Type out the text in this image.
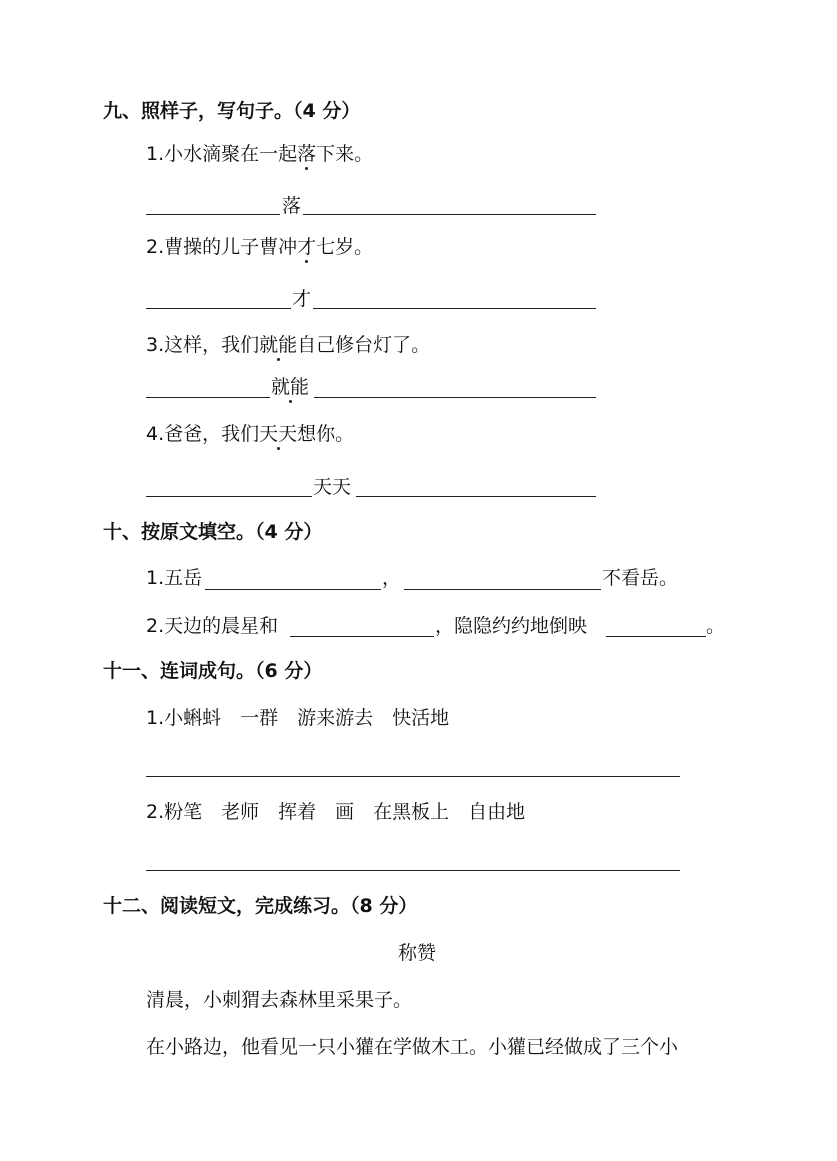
九、照样子，写句子。（4 分）
1.小水滴聚在一起落下来。
落
2.曹操的儿子曹冲才七岁。
才
3.这样，我们就能自己修台灯了。
就能
4.爸爸，我们天天想你。
天天
十、按原文填空。（4 分）
1.五岳	，	不看岳。
2.天边的晨星和	，隐隐约约地倒映	。
十一、连词成句。（6 分）
1.小蝌蚪　一群　游来游去　快活地
2.粉笔　老师　挥着　画　在黑板上　自由地
十二、阅读短文，完成练习。（8 分）
称赞
清晨，小刺猬去森林里采果子。
在小路边，他看见一只小獾在学做木工。小獾已经做成了三个小
